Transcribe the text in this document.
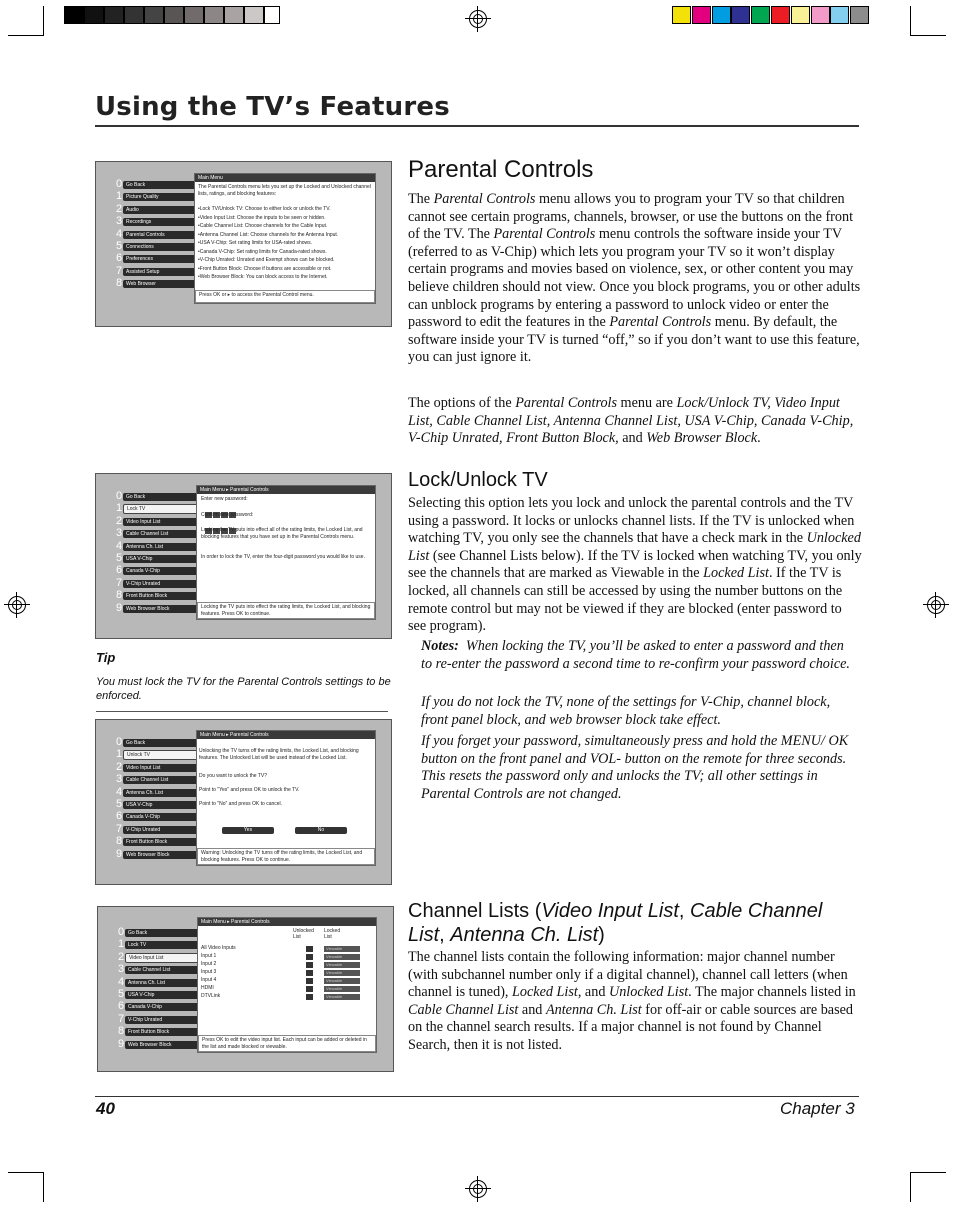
Using the TV’s Features
Parental Controls
The Parental Controls menu allows you to program your TV so that children cannot see certain programs, channels, browser, or use the buttons on the front of the TV. The Parental Controls menu controls the software inside your TV (referred to as V-Chip) which lets you program your TV so it won’t display certain programs and movies based on violence, sex, or other content you may believe children should not view. Once you block programs, you or other adults can unblock programs by entering a password to unlock video or enter the password to edit the features in the Parental Controls menu. By default, the software inside your TV is turned “off,” so if you don’t want to use this feature, you can just ignore it.
The options of the Parental Controls menu are Lock/Unlock TV, Video Input List, Cable Channel List, Antenna Channel List, USA V-Chip, Canada V-Chip, V-Chip Unrated, Front Button Block, and Web Browser Block.
Lock/Unlock TV
Selecting this option lets you lock and unlock the parental controls and the TV using a password. It locks or unlocks channel lists. If the TV is unlocked when watching TV, you only see the channels that have a check mark in the Unlocked List (see Channel Lists below). If the TV is locked when watching TV, you only see the channels that are marked as Viewable in the Locked List. If the TV is locked, all channels can still be accessed by using the number buttons on the remote control but may not be viewed if they are blocked (enter password to see program).
Notes: When locking the TV, you’ll be asked to enter a password and then to re-enter the password a second time to re-confirm your password choice.
If you do not lock the TV, none of the settings for V-Chip, channel block, front panel block, and web browser block take effect.
If you forget your password, simultaneously press and hold the MENU/ OK button on the front panel and VOL- button on the remote for three seconds. This resets the password only and unlocks the TV; all other settings in Parental Controls are not changed.
Tip
You must lock the TV for the Parental Controls settings to be enforced.
Channel Lists (Video Input List, Cable Channel List, Antenna Ch. List)
The channel lists contain the following information: major channel number (with subchannel number only if a digital channel), channel call letters (when channel is tuned), Locked List, and Unlocked List. The major channels listed in Cable Channel List and Antenna Ch. List for off-air or cable sources are based on the channel search results. If a major channel is not found by Channel Search, then it is not listed.
0 Go Back
1 Picture Quality
2 Audio
3 Recordings
4 Parental Controls
5 Connections
6 Preferences
7 Assisted Setup
8 Web Browser
Main Menu
The Parental Controls menu lets you set up the Locked and Unlocked channel lists, ratings, and blocking features:
•Lock TV/Unlock TV: Choose to either lock or unlock the TV.
•Video Input List: Choose the inputs to be seen or hidden.
•Cable Channel List: Choose channels for the Cable Input.
•Antenna Channel List: Choose channels for the Antenna Input.
•USA V-Chip: Set rating limits for USA-rated shows.
•Canada V-Chip: Set rating limits for Canada-rated shows.
•V-Chip Unrated: Unrated and Exempt shows can be blocked.
•Front Button Block: Choose if buttons are accessible or not.
•Web Browser Block: You can block access to the Internet.
Press OK or ▸ to access the Parental Control menu.
0 Go Back
1 Lock TV
2 Video Input List
3 Cable Channel List
4 Antenna Ch. List
5 USA V-Chip
6 Canada V-Chip
7 V-Chip Unrated
8 Front Button Block
9 Web Browser Block
Main Menu ▸ Parental Controls
Enter new password:
Confirm new password:
Locking the TV puts into effect all of the rating limits, the Locked List, and blocking features that you have set up in the Parental Controls menu.
In order to lock the TV, enter the four-digit password you would like to use.
Locking the TV puts into effect the rating limits, the Locked List, and blocking features. Press OK to continue.
0 Go Back
1 Unlock TV
2 Video Input List
3 Cable Channel List
4 Antenna Ch. List
5 USA V-Chip
6 Canada V-Chip
7 V-Chip Unrated
8 Front Button Block
9 Web Browser Block
Main Menu ▸ Parental Controls
Unlocking the TV turns off the rating limits, the Locked List, and blocking features. The Unlocked List will be used instead of the Locked List.
Do you want to unlock the TV?
Point to "Yes" and press OK to unlock the TV.
Point to "No" and press OK to cancel.
Yes	No
Warning: Unlocking the TV turns off the rating limits, the Locked List, and blocking features. Press OK to continue.
0 Go Back
1 Lock TV
2 Video Input List
3 Cable Channel List
4 Antenna Ch. List
5 USA V-Chip
6 Canada V-Chip
7 V-Chip Unrated
8 Front Button Block
9 Web Browser Block
Main Menu ▸ Parental Controls
Unlocked List
Locked List
All Video Inputs	Viewable
Input 1	Viewable
Input 2	Viewable
Input 3	Viewable
Input 4	Viewable
HDMI	Viewable
DTVLink	Viewable
Press OK to edit the video input list. Each input can be added or deleted in the list and made blocked or viewable.
40	Chapter 3
